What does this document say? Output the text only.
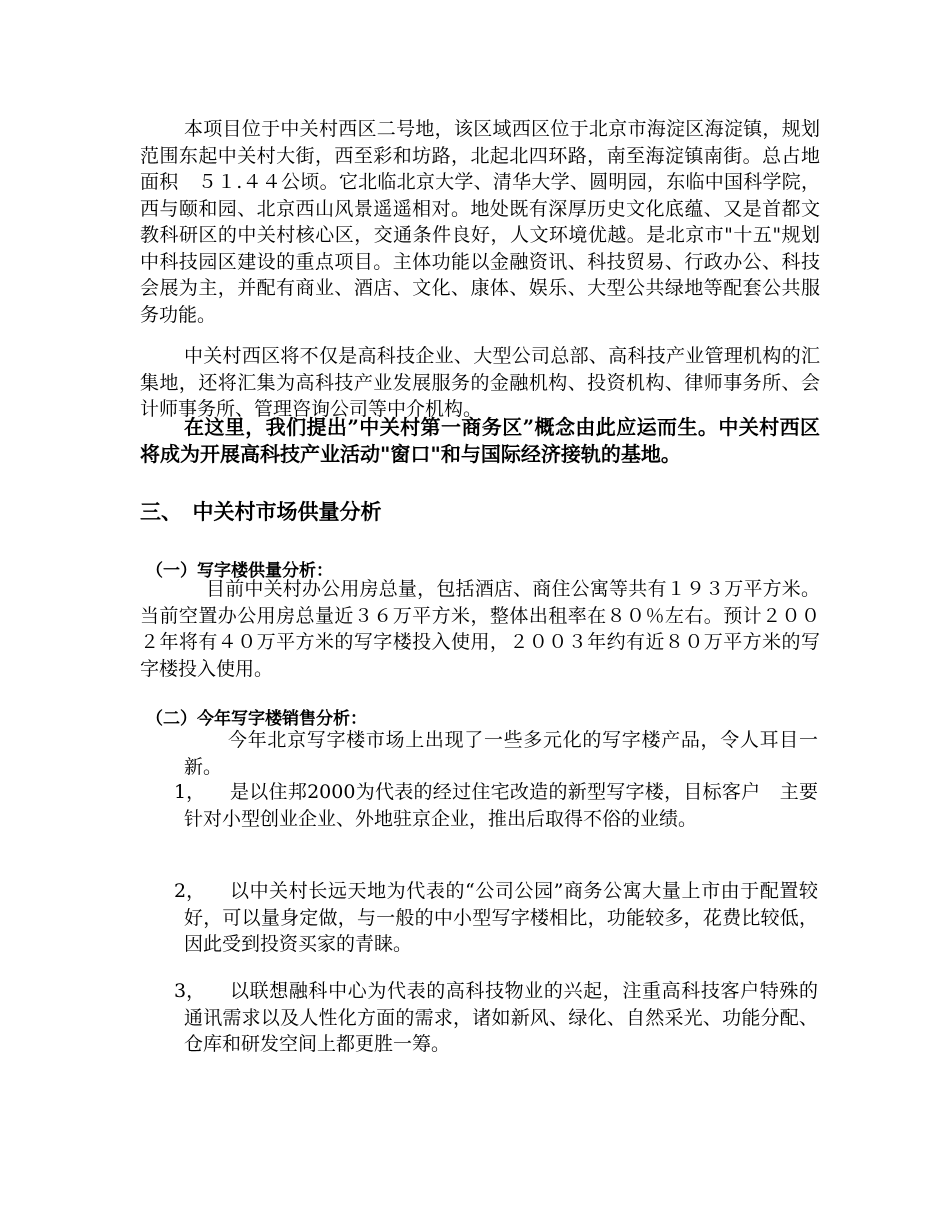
本项目位于中关村西区二号地，该区域西区位于北京市海淀区海淀镇，规划范围东起中关村大街，西至彩和坊路，北起北四环路，南至海淀镇南街。总占地面积　５１.４４公顷。它北临北京大学、清华大学、圆明园，东临中国科学院，西与颐和园、北京西山风景遥遥相对。地处既有深厚历史文化底蕴、又是首都文教科研区的中关村核心区，交通条件良好，人文环境优越。是北京市"十五"规划中科技园区建设的重点项目。主体功能以金融资讯、科技贸易、行政办公、科技会展为主，并配有商业、酒店、文化、康体、娱乐、大型公共绿地等配套公共服　务功能。

中关村西区将不仅是高科技企业、大型公司总部、高科技产业管理机构的汇集地，还将汇集为高科技产业发展服务的金融机构、投资机构、律师事务所、会计师事务所、管理咨询公司等中介机构。

在这里，我们提出”中关村第一商务区”概念由此应运而生。中关村西区将成为开展高科技产业活动"窗口"和与国际经济接轨的基地。

三、　中关村市场供量分析
（一）写字楼供量分析：

目前中关村办公用房总量，包括酒店、商住公寓等共有１９３万平方米。当前空置办公用房总量近３６万平方米，整体出租率在８０％左右。预计２００２年将有４０万平方米的写字楼投入使用，２００３年约有近８０万平方米的写字楼投入使用。

（二）今年写字楼销售分析：

今年北京写字楼市场上出现了一些多元化的写字楼产品，令人耳目一新。

1，	是以住邦2000为代表的经过住宅改造的新型写字楼，目标客户　主要针对小型创业企业、外地驻京企业，推出后取得不俗的业绩。
2，	以中关村长远天地为代表的“公司公园”商务公寓大量上市由于配置较好，可以量身定做，与一般的中小型写字楼相比，功能较多，花费比较低，因此受到投资买家的青睐。
3，	以联想融科中心为代表的高科技物业的兴起，注重高科技客户特殊的通讯需求以及人性化方面的需求，诸如新风、绿化、自然采光、功能分配、仓库和研发空间上都更胜一筹。
